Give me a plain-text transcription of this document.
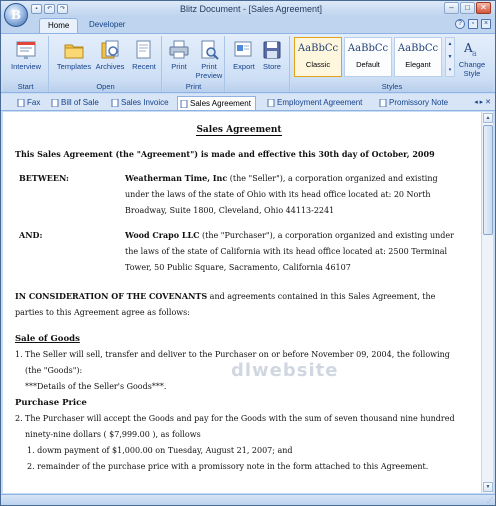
▪	↶	↷	Blitz Document - [Sales Agreement]	–	□	✕
B
Home	Developer	?	▫	×
Interview
Start
Templates Archives	Recent
Open
Print	Print
Preview
Print
Export	Store
Styles
AaBbCc
Classic
AaBbCc
Default
AaBbCc
Elegant
▲
▼
▾
A a
Change
Style
Fax	Bill of Sale	Sales Invoice	Sales Agreement	Employment Agreement	Promissory Note	◂ ▸ ✕
Sales Agreement
This Sales Agreement (the "Agreement") is made and effective this 30th day of October, 2009
BETWEEN:	Weatherman Time, Inc (the "Seller"), a corporation organized and existing under the laws of the state of Ohio with its head office located at: 20 North Broadway, Suite 1800, Cleveland, Ohio 44113-2241
AND:	Wood Crapo LLC (the "Purchaser"), a corporation organized and existing under the laws of the state of California with its head office located at: 2500 Terminal Tower, 50 Public Square, Sacramento, California 46107
IN CONSIDERATION OF THE COVENANTS and agreements contained in this Sales Agreement, the parties to this Agreement agree as follows:
Sale of Goods
1. The Seller will sell, transfer and deliver to the Purchaser on or before November 09, 2004, the following (the "Goods"):
***Details of the Seller's Goods***.
Purchase Price
2. The Purchaser will accept the Goods and pay for the Goods with the sum of seven thousand nine hundred ninety-nine dollars ( $7,999.00 ), as follows
1. dowm payment of $1,000.00 on Tuesday, August 21, 2007; and
2. remainder of the purchase price with a promissory note in the form attached to this Agreement.
dlwebsite
▲
▼
⋰
